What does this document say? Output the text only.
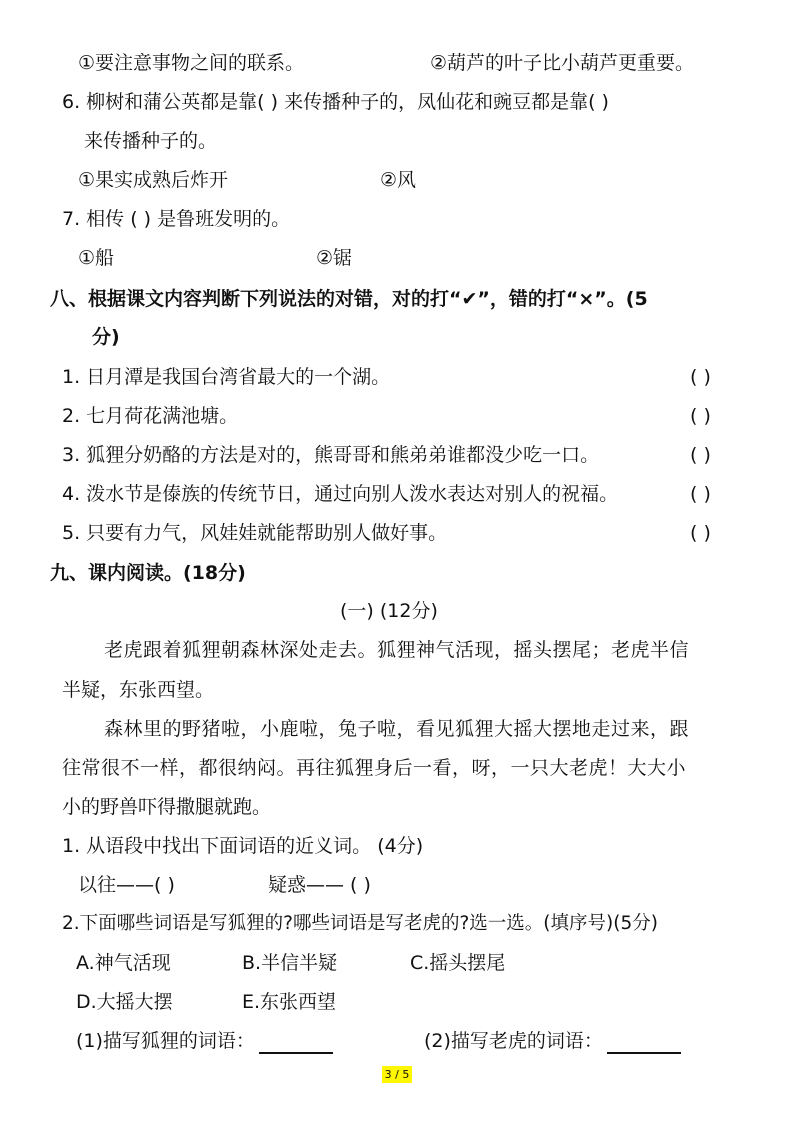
①要注意事物之间的联系。	②葫芦的叶子比小葫芦更重要。
6. 柳树和蒲公英都是靠( ) 来传播种子的，凤仙花和豌豆都是靠( )
来传播种子的。
①果实成熟后炸开	②风
7. 相传 ( ) 是鲁班发明的。
①船	②锯
八、根据课文内容判断下列说法的对错，对的打“✔”，错的打“×”。(5
分)
1. 日月潭是我国台湾省最大的一个湖。	( )
2. 七月荷花满池塘。	( )
3. 狐狸分奶酪的方法是对的，熊哥哥和熊弟弟谁都没少吃一口。	( )
4. 泼水节是傣族的传统节日，通过向别人泼水表达对别人的祝福。	( )
5. 只要有力气，风娃娃就能帮助别人做好事。	( )
九、课内阅读。(18分)
(一) (12分)
老虎跟着狐狸朝森林深处走去。狐狸神气活现，摇头摆尾；老虎半信
半疑，东张西望。
森林里的野猪啦，小鹿啦，兔子啦，看见狐狸大摇大摆地走过来，跟
往常很不一样，都很纳闷。再往狐狸身后一看，呀，一只大老虎！大大小
小的野兽吓得撒腿就跑。
1. 从语段中找出下面词语的近义词。 (4分)
以往——( )	疑惑—— ( )
2.下面哪些词语是写狐狸的?哪些词语是写老虎的?选一选。(填序号)(5分)
A.神气活现	B.半信半疑	C.摇头摆尾
D.大摇大摆	E.东张西望
(1)描写狐狸的词语：	(2)描写老虎的词语：
3 / 5
